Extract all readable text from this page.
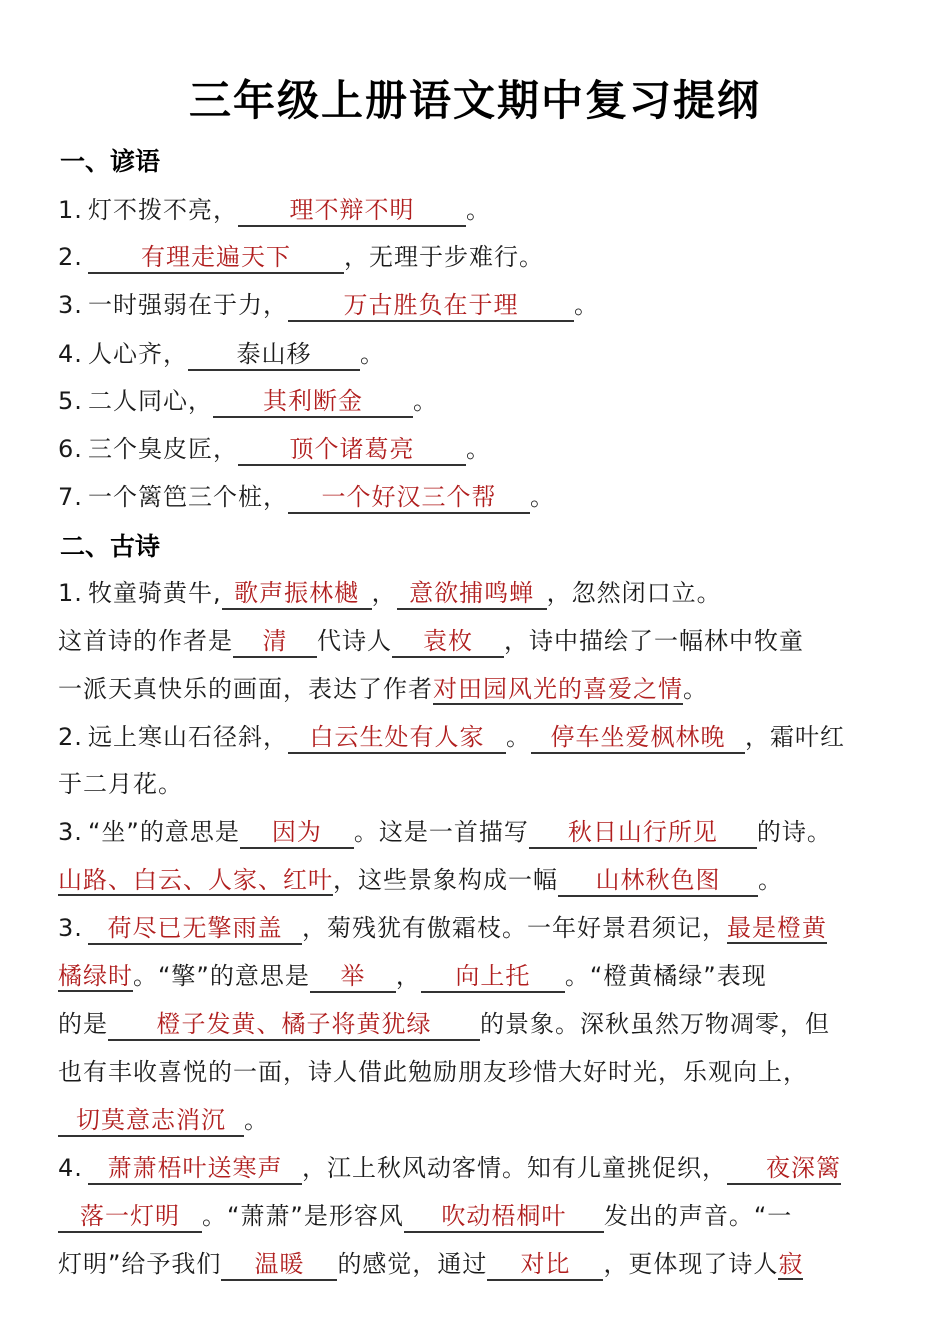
三年级上册语文期中复习提纲
一、谚语
1. 灯不拨不亮， 理不辩不明 。
2. 有理走遍天下 ，无理于步难行。
3. 一时强弱在于力， 万古胜负在于理 。
4. 人心齐， 泰山移 。
5. 二人同心， 其利断金 。
6. 三个臭皮匠， 顶个诸葛亮 。
7. 一个篱笆三个桩， 一个好汉三个帮 。
二、古诗
1. 牧童骑黄牛, 歌声振林樾 ， 意欲捕鸣蝉 ，忽然闭口立。
这首诗的作者是 清 代诗人 袁枚 ，诗中描绘了一幅林中牧童
一派天真快乐的画面，表达了作者对田园风光的喜爱之情。
2. 远上寒山石径斜， 白云生处有人家 。 停车坐爱枫林晚 ，霜叶红
于二月花。
3. “坐”的意思是 因为 。这是一首描写 秋日山行所见 的诗。
山路、白云、人家、红叶，这些景象构成一幅 山林秋色图 。
3. 荷尽已无擎雨盖 ，菊残犹有傲霜枝。一年好景君须记，最是橙黄
橘绿时。“擎”的意思是 举 ， 向上托 。“橙黄橘绿”表现
的是 橙子发黄、橘子将黄犹绿 的景象。深秋虽然万物凋零，但
也有丰收喜悦的一面，诗人借此勉励朋友珍惜大好时光，乐观向上，
切莫意志消沉 。
4. 萧萧梧叶送寒声 ，江上秋风动客情。知有儿童挑促织， 夜深篱
落一灯明 。“萧萧”是形容风 吹动梧桐叶 发出的声音。“一
灯明”给予我们 温暖 的感觉，通过 对比 ，更体现了诗人寂
